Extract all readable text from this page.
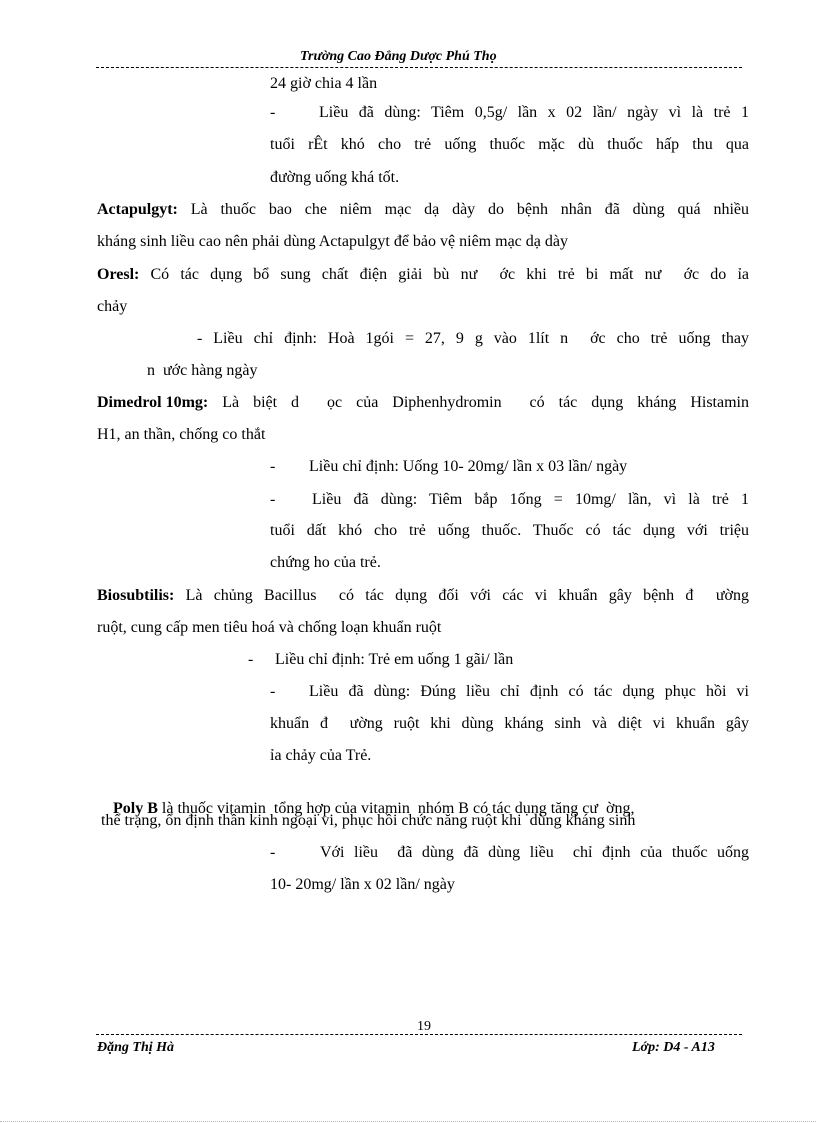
Trường Cao Đẳng Dược Phú Thọ
24 giờ chia 4 lần
-	Liều đã dùng: Tiêm 0,5g/ lần x 02 lần/ ngày vì là trẻ 1
tuổi rÊt khó cho trẻ uống thuốc mặc dù thuốc hấp thu qua
đường uống khá tốt.
Actapulgyt: Là thuốc bao che niêm mạc dạ dày do bệnh nhân đã dùng quá nhiều
kháng sinh liều cao nên phải dùng Actapulgyt để bảo vệ niêm mạc dạ dày
Oresl: Có tác dụng bổ sung chất điện giải bù nư  ớc khi trẻ bi mất nư  ớc do ỉa
chảy
- Liều chỉ định: Hoà 1gói = 27, 9 g vào 1lít n  ớc cho trẻ uống thay
n  ước hàng ngày
Dimedrol 10mg: Là biệt d  ọc của Diphenhydromin  có tác dụng kháng Histamin
H1, an thần, chống co thắt
- Liều chỉ định: Uống 10- 20mg/ lần x 03 lần/ ngày
- Liều đã dùng: Tiêm bắp 1ống = 10mg/ lần, vì là trẻ 1
tuổi dất khó cho trẻ uống thuốc. Thuốc có tác dụng với triệu
chứng ho của trẻ.
Biosubtilis: Là chủng Bacillus  có tác dụng đối với các vi khuẩn gây bệnh đ  ường
ruột, cung cấp men tiêu hoá và chống loạn khuẩn ruột
- Liều chỉ định: Trẻ em uống 1 gãi/ lần
- Liều đã dùng: Đúng liều chỉ định có tác dụng phục hồi vi
khuẩn đ  ường ruột khi dùng kháng sinh và diệt vi khuẩn gây
ỉa chảy của Trẻ.

Poly B là thuốc vitamin  tổng hợp của vitamin  nhóm B có tác dụng tăng cư  ờng,

thể trạng, ổn định thần kinh ngoại vi, phục hồi chức năng ruột khi  dùng kháng sinh
-	Với liều  đã dùng đã dùng liều  chỉ định của thuốc uống
10- 20mg/ lần x 02 lần/ ngày
19
Đặng Thị Hà	Lớp: D4 - A13
